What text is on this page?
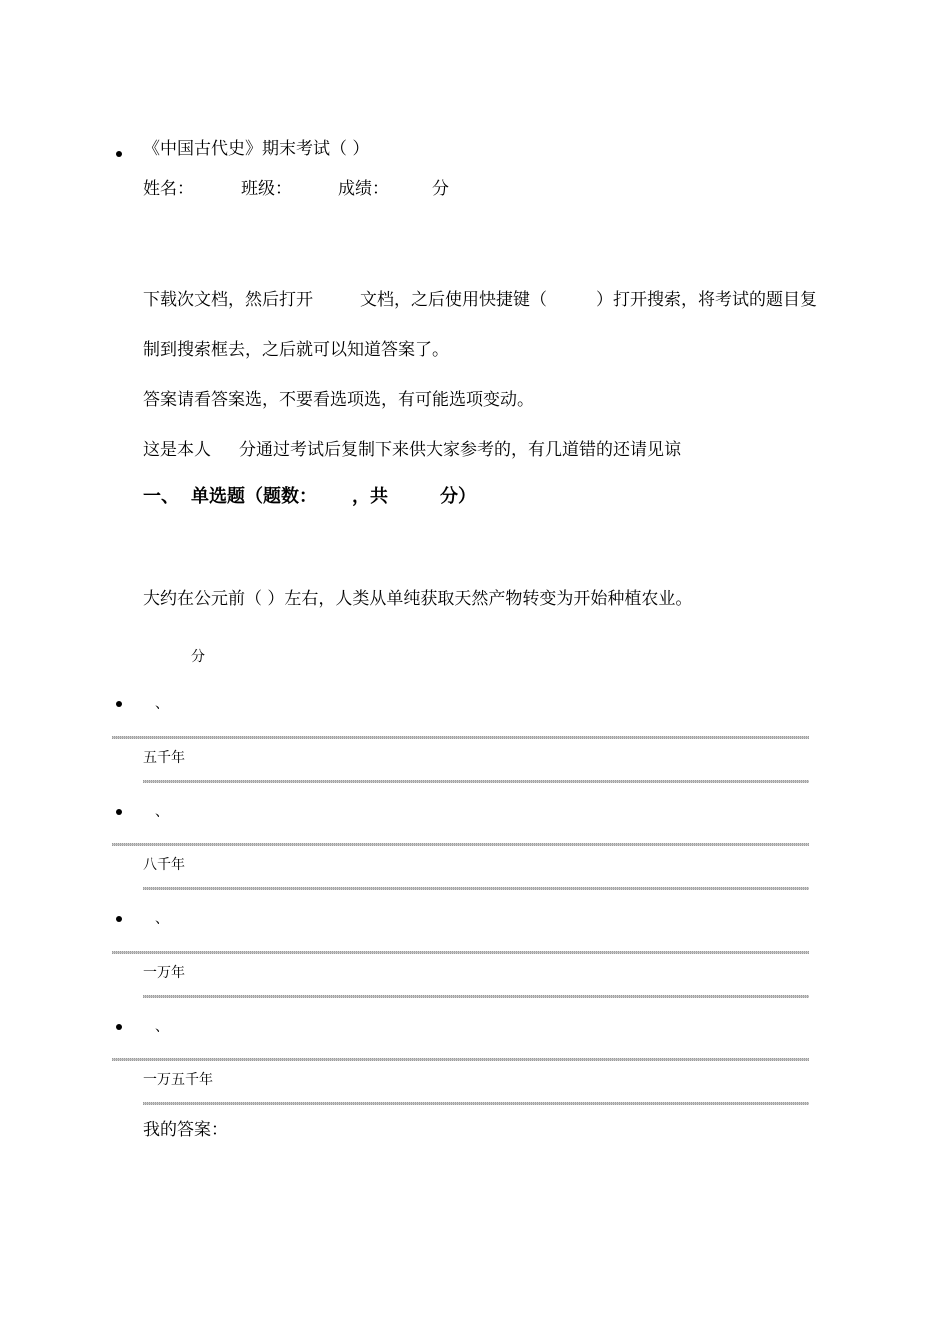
《中国古代史》期末考试（ ）
姓名：	班级：	成绩：	分
下载次文档，然后打开	文档，之后使用快捷键（	）打开搜索，将考试的题目复
制到搜索框去，之后就可以知道答案了。
答案请看答案选，不要看选项选，有可能选项变动。
这是本人 分通过考试后复制下来供大家参考的，有几道错的还请见谅
一、 单选题（题数： ，共	分）
大约在公元前（ ）左右，人类从单纯获取天然产物转变为开始种植农业。
分
、
五千年
、
八千年
、
一万年
、
一万五千年
我的答案：
